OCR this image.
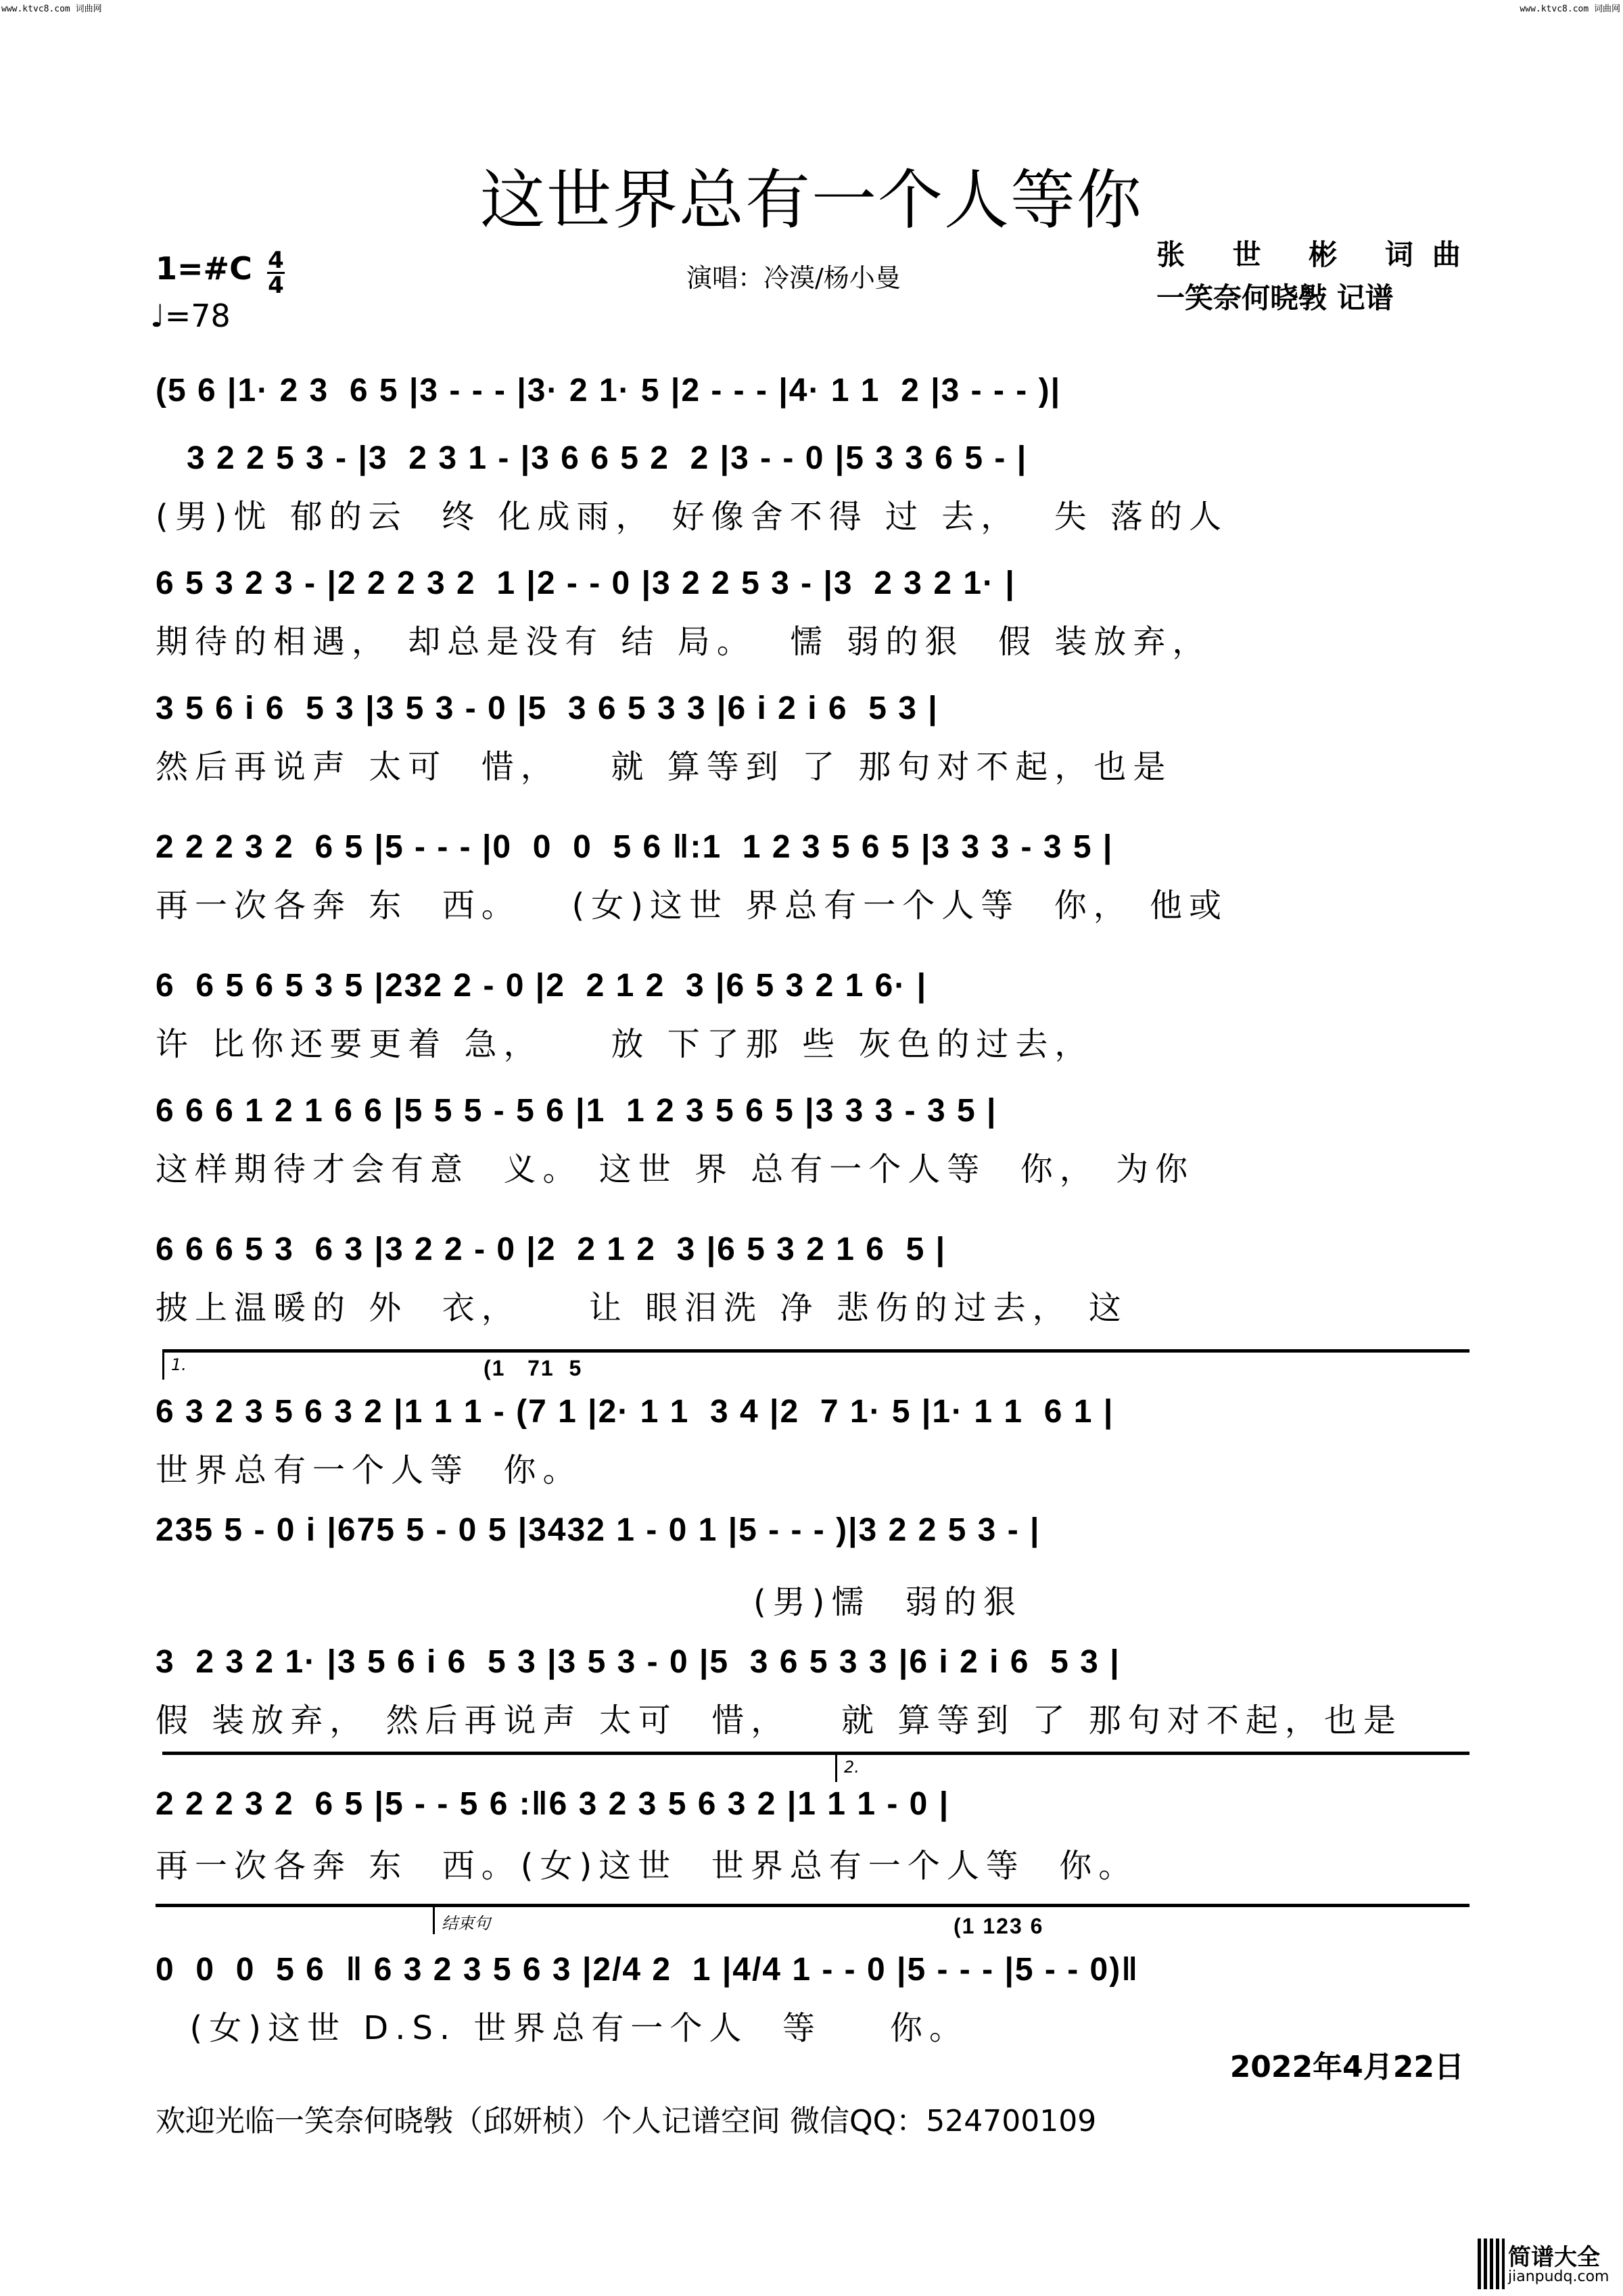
www.ktvc8.com 词曲网	www.ktvc8.com 词曲网
这世界总有一个人等你
1=#C 4
4
♩=78
演唱：冷漠/杨小曼
张 世 彬 词曲
一笑奈何晓斅 记谱
(5 6 |1· 2 3  6 5 |3 - - - |3· 2 1· 5 |2 - - - |4· 1 1  2 |3 - - - )|
3 2 2 5 3 - |3  2 3 1 - |3 6 6 5 2  2 |3 - - 0 |5 3 3 6 5 - |
(男)忧 郁的云  终 化成雨， 好像舍不得 过 去，  失 落的人
6 5 3 2 3 - |2 2 2 3 2  1 |2 - - 0 |3 2 2 5 3 - |3  2 3 2 1· |
期待的相遇， 却总是没有 结 局。  懦 弱的狠  假 装放弃，
3 5 6 i 6  5 3 |3 5 3 - 0 |5  3 6 5 3 3 |6 i 2 i 6  5 3 |
然后再说声 太可  惜，   就 算等到 了 那句对不起，也是
2 2 2 3 2  6 5 |5 - - - |0  0  0  5 6 ‖:1  1 2 3 5 6 5 |3 3 3 - 3 5 |
再一次各奔 东  西。   (女)这世 界总有一个人等  你， 他或
6  6 5 6 5 3 5 |232 2 - 0 |2  2 1 2  3 |6 5 3 2 1 6· |
许 比你还要更着 急，    放 下了那 些 灰色的过去，
6 6 6 1 2 1 6 6 |5 5 5 - 5 6 |1  1 2 3 5 6 5 |3 3 3 - 3 5 |
这样期待才会有意  义。 这世 界 总有一个人等  你， 为你
6 6 6 5 3  6 3 |3 2 2 - 0 |2  2 1 2  3 |6 5 3 2 1 6  5 |
披上温暖的 外  衣，    让 眼泪洗 净 悲伤的过去， 这
1.	(1   71  5
6 3 2 3 5 6 3 2 |1 1 1 - (7 1 |2· 1 1  3 4 |2  7 1· 5 |1· 1 1  6 1 |
世界总有一个人等  你。
235 5 - 0 i |675 5 - 0 5 |3432 1 - 0 1 |5 - - - )|3 2 2 5 3 - |
(男)懦  弱的狠
3  2 3 2 1· |3 5 6 i 6  5 3 |3 5 3 - 0 |5  3 6 5 3 3 |6 i 2 i 6  5 3 |
假 装放弃， 然后再说声 太可  惜，   就 算等到 了 那句对不起，也是
2.
2 2 2 3 2  6 5 |5 - - 5 6 :‖6 3 2 3 5 6 3 2 |1 1 1 - 0 |
再一次各奔 东  西。(女)这世  世界总有一个人等  你。
结束句	(1 123 6
0  0  0  5 6  ‖ 6 3 2 3 5 6 3 |2/4 2  1 |4/4 1 - - 0 |5 - - - |5 - - 0)‖
(女)这世 D.S. 世界总有一个人  等    你。
2022年4月22日
欢迎光临一笑奈何晓斅（邱妍桢）个人记谱空间 微信QQ：524700109
简谱大全
jianpudq.com
